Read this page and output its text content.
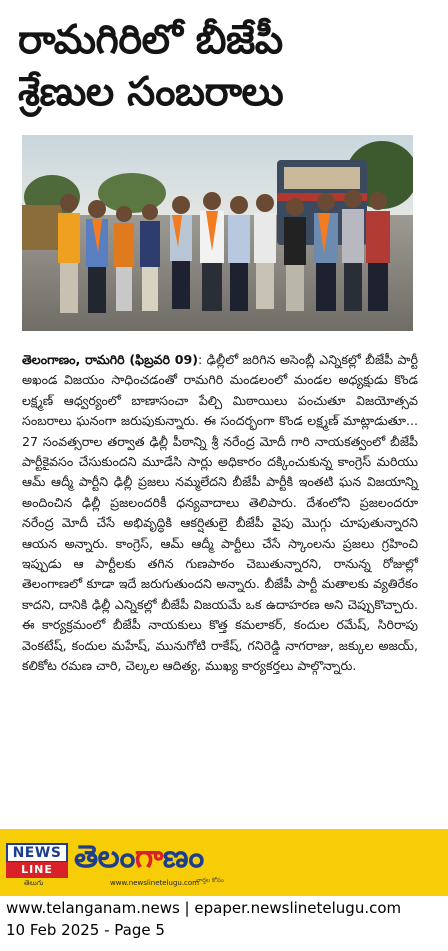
రామగిరిలో బీజేపీ
శ్రేణుల సంబరాలు

తెలంగాణం, రామగిరి (ఫిబ్రవరి 09): ఢిల్లీలో జరిగిన అసెంబ్లీ ఎన్నికల్లో బీజేపీ పార్టీ అఖండ విజయం సాధించడంతో రామగిరి మండలంలో మండల అధ్యక్షుడు కొండ లక్ష్మణ్ ఆధ్వర్యంలో బాణాసంచా పేల్చి మిఠాయిలు పంచుతూ విజయోత్సవ సంబరాలు ఘనంగా జరుపుకున్నారు. ఈ సందర్భంగా కొండ లక్ష్మణ్ మాట్లాడుతూ... 27 సంవత్సరాల తర్వాత ఢిల్లీ పీఠాన్ని శ్రీ నరేంద్ర మోదీ గారి నాయకత్వంలో బీజేపీ పార్టీకైవసం చేసుకుందని మూడేసి సార్లు అధికారం దక్కించుకున్న కాంగ్రెస్ మరియు ఆమ్ ఆద్మీ పార్టీని ఢిల్లీ ప్రజలు నమ్మలేదని బీజేపీ పార్టీకి ఇంతటి ఘన విజయాన్ని అందించిన ఢిల్లీ ప్రజలందరికీ ధన్యవాదాలు తెలిపారు. దేశంలోని ప్రజలందరూ నరేంద్ర మోదీ చేసే అభివృద్ధికి ఆకర్షితులై బీజేపీ వైపు మొగ్గు చూపుతున్నారని ఆయన అన్నారు. కాంగ్రెస్, ఆమ్ ఆద్మీ పార్టీలు చేసే స్కాంలను ప్రజలు గ్రహించి ఇప్పుడు ఆ పార్టీలకు తగిన గుణపాఠం చెబుతున్నారని, రానున్న రోజుల్లో తెలంగాణలో కూడా ఇదే జరుగుతుందని అన్నారు. బీజేపీ పార్టీ మతాలకు వ్యతిరేకం కాదని, దానికి ఢిల్లీ ఎన్నికల్లో బీజేపీ విజయమే ఒక ఉదాహరణ అని చెప్పుకొచ్చారు. ఈ కార్యక్రమంలో బీజేపీ నాయకులు కొత్త కమలాకర్, కందుల రమేష్, సిరిరాపు వెంకటేష్, కందుల మహేష్, మునుగోటి రాకేష్, గనిరెడ్డి నాగరాజు, జక్కుల అజయ్, కలికోట రమణ చారి, చెల్కల ఆదిత్య, ముఖ్య కార్యకర్తలు పాల్గొన్నారు.

NEWS
LINE
తెలుగు
తెలంగాణం
www.newslinetelugu.com
వార్తల కోసం
www.telanganam.news | epaper.newslinetelugu.com
10 Feb 2025 - Page 5
